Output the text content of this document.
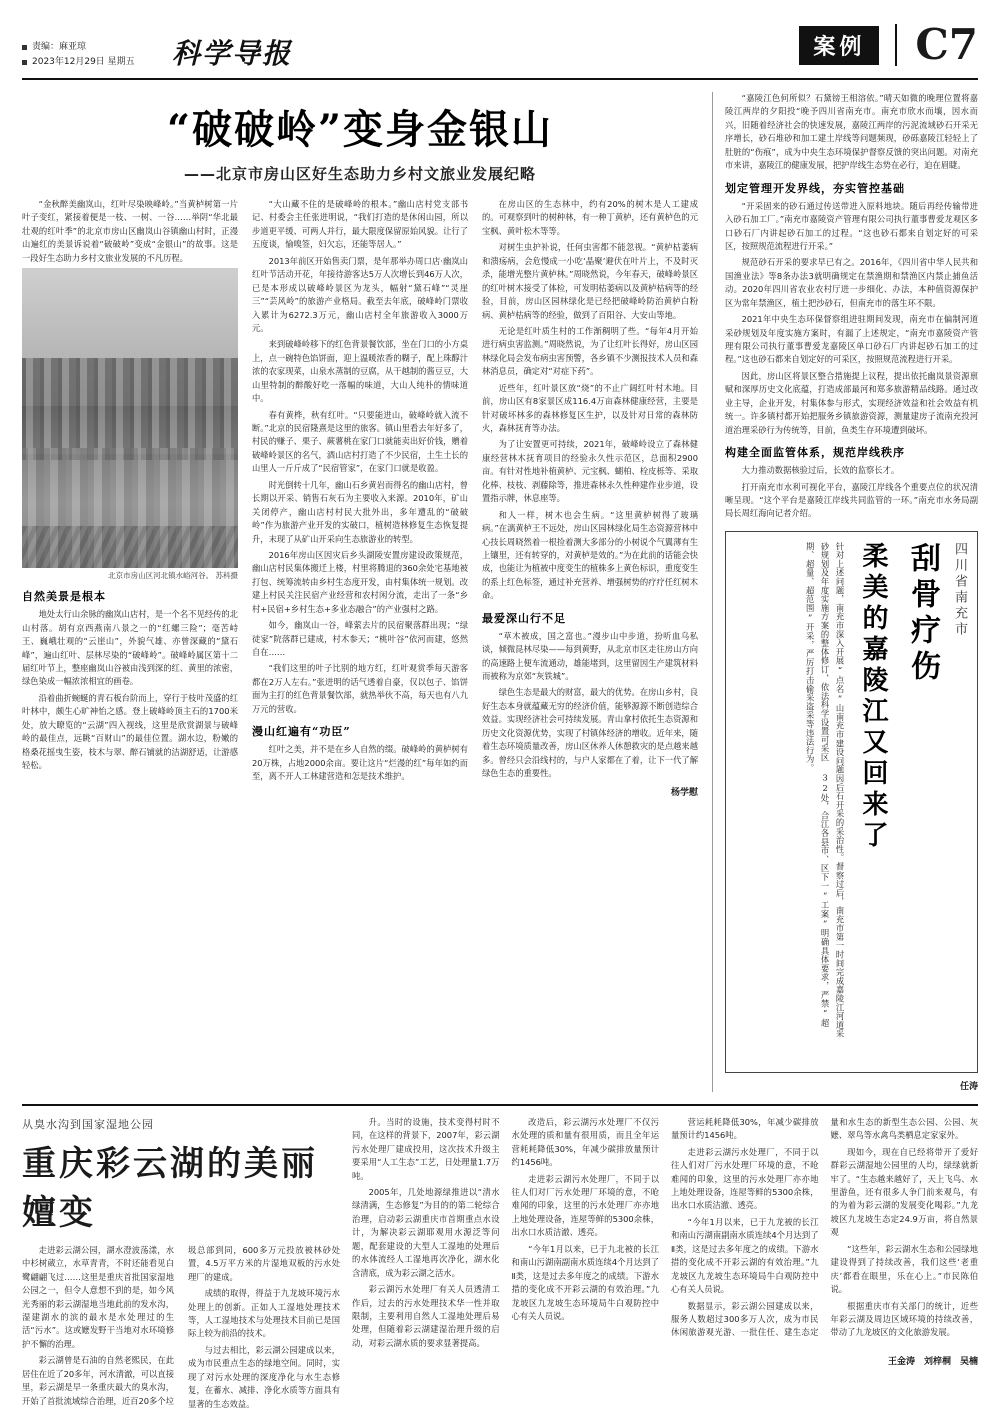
责编：麻亚琼
2023年12月29日 星期五 科学导报	案例	C7
“破破岭”变身金银山
——北京市房山区好生态助力乡村文旅业发展纪略

“金秋醉美幽岚山，红叶尽染映峰岭。”当黄栌树第一片叶子变红，紧接着便是一枝、一树、一谷……举阴“华北最壮观的红叶季”的北京市房山区幽岚山谷镇幽山村时，正漫山遍红的美景诉说着“破破岭”变成“金银山”的故事。这是一段好生态助力乡村文旅业发展的不凡历程。

北京市房山区河北镇水峪河谷。 苏科摄
自然美景是根本

地处太行山余脉的幽岚山店村，是一个名不见经传的北山村落。胡有京西燕南八景之一的“红螺三险”；毫苦峙王、巍峨壮观的“云崖山”，外貌气雄、亦曾深藏的“黛石峰”，遍山红叶、层林尽染的“破峰岭”。破峰岭属区第十二届红叶节上，整座幽岚山谷被由浅到深的红、黄里的浓密，绿色染成一幅浓浓相宜的画卷。

沿着曲折蜿蜒的青石板台阶而上，穿行于枝叶茂盛的红叶林中，颇生心旷神怡之感。登上破峰岭顶主石的1700米处，放大瞭览的“云湖”四入视线，这里是欣赏湖景与破峰岭的最佳点，远眺“百财山”的最佳位置。湖水边，粉嫩的格桑花摇曳生姿，枝木与翠、醉石铺就的洁湖舒适，让游感轻松。

“大山藏不住的是破峰岭的根本。”幽山店村党支部书记、村委会主任张进明说，“我们打造的是休闲山园，所以步道更平缓、可两人并行，最大限度保留原始风貌。让行了五度谈，愉嗅签，妇欠忘，还能等居人。”

2013年前区开始售卖门票，是年那举办周口店·幽岚山红叶节活动开花，年接待游客达5万人次增长到46万人次，已是本形成以破峰岭景区为龙头，幅射“黛石峰”“灵崖三”“芸风岭”的旅游产业格局。截至去年底，破峰岭门票收入累计为6272.3万元，幽山店村全年旅游收入3000万元。

来到破峰岭移下的红色背景餐饮部，坐在门口的小方桌上，点一碗特色馅饼面，迎上温暖浓香的糊子，配上珠醇汁浓的农家现菜，山泉水蒸制的豆腐，从干越制的酱豆豆，大山里特制的醉酸好吃一落幅的味道，大山人纯朴的情味道中。

春有黄桦，秋有红叶。“只要能进山，破峰岭就入流不断。”北京的民宿隆熹是这里的旅客。镇山里看去年好多了，村民的赚子、栗子、蕨薯桃在家门口就能卖出好价钱，赠着破峰岭景区的名气，酒山店村打造了不少民宿，土生土长的山里人一斤斤成了“民宿管家”，在家门口就是收盈。

时光倒转十几年，幽山石乡黄岩而得名的幽山店村，曾长期以开采、销售石灰石为主要收入来源。2010年，矿山关闭停产，幽山店村村民大批外出，多年遭乱的“破破岭”作为旅游产业开发的实破口，植树造林修复生态恢复提升，末现了从矿山开采向生态旅游业的转型。

2016年房山区因灾后乡头湖陵安置房建设政策规范，幽山店村民集体搬迁上楼，村里将腾退的360余处宅基地被打包、统筹流转由乡村生态度开发，由村集体统一规划。改建上村民关注民宿产业经营和农村闲分流，走出了一条“乡村+民宿+乡村生态+多业态融合”的产业强村之路。

如今，幽岚山一谷，峰萦去片的民宿聚落群出现；“绿徒家”院落群已建成，村木参天；“桃叶谷”依河而建，悠然自在……

“我们这里的叶子比别的地方红，红叶观赏季每天游客都在2万人左右。”张进明的话气透着自豪，仅以包子、馅饼面为主打的红色背景餐饮部，就热举伙不高，每天也有八九万元的营收。

漫山红遍有“功臣”

红叶之美，并不是在乡人自然的缀。破峰岭的黄栌树有20万株，占地2000余亩。要让这片“烂漫的红”每年如约而至，离不开人工林建营造和怎是技术维护。

在房山区的生态林中，约有20%的树木是人工建成的。可观察到叶的树种林，有一种丁黄栌，还有黄栌色的元宝枫、黄叶松木等等。

对树生虫护补说，任何虫害都不能忽视。“黄栌枯萎病和溃疡病，会危慢成一小吃‘晶聚’避伏在叶片上，不及时灭杀，能增光整片黄栌林。”周晓然说，今年春天，破峰岭景区的红叶树木接受了体检，可发明枯萎病以及黄栌枯病等的经验，目前，房山区园林绿化是已经把破峰岭防治黄栌白粉病、黄栌枯病等的经验，做到了百阳谷、大安山等地。

无论是红叶质生村的工作渐稠明了些。“每年4月开始进行病虫害监测。”周晓然说，为了让红叶长得好，房山区园林绿化局会发布病虫害预警，各乡镇不少测报技术人员和森林消息员，确定对“对症下药”。

近些年，红叶景区放“烧”的不止广阔红叶村木地。目前，房山区有8家景区成116.4万亩森林健康经营，主要是针对破坏林多的森林修复区生护，以及针对日常的森林防火，森林抚育等办法。

为了让安置更可持续，2021年，破峰岭设立了森林健康经营林木抚育项目的经验永久性示范区，总面积2900亩。有针对性地补植黄栌、元宝枫、蝴柏、栓皮栎等、采取化棒、枝枝、剥藤除等，推进森林永久性种建作业步道，设置指示牌，休息座等。

和人一样，树木也会生病。“这里黄栌树得了玻璃病。”在漓黄栌王不远处，房山区园林绿化局生态资源营林中心技长周晓然着一根捡着测大多部分的小树说个气翼薄有生上镶里，还有转穿的，对黄栌是效的。”为在此前的话能会快成，也能让为植被中度变生的植株多上黄色标识，重度变生的系上红色标签，通过补充营养、增强树势的疗疗任红树木命。

最爱深山行不足

“草木被成，国之富也。”漫步山中步道，扮听血乌私谈，倾微昆林尽染——每到黄野，从北京市区走往房山方向的高速路上便车流通动，雄能堵到，这里留因生产建筑材料而被称为京郊“灰铁城”。

绿色生态是最大的财富，最大的优势。在房山乡村，良好生态本身就蕴藏无穷的经济价值，能够源源不断创造综合效益。实现经济社会可持续发展。青山拿村依托生态资源和历史文化资源优势，实现了村镇体经济的增收。近年来，随着生态环境质量改善，房山区休养人休憩救灾的是点越来越多。曾经只会沿线村的，与户人家都在了着，让下一代了解绿色生态的重要性。

杨学慰

“嘉陵江色何所似？石黛镑王相溶依。”晴天如微的晚理位置将嘉陵江两岸的夕阳投“晚予四川省南充市。南充市欣水而壤，因水而兴，旧随着经济社会的快速发展，嘉陵江两岸的污泥流域砂石开采无序增长，砂石堆砂和加工建土岸线等问题频现，砂砾嘉陵江轻轻上了肚脏的“伤痕”，成为中央生态环境保护督察反馈的突出问题。对南充市来讲，嘉陵江的健康发展，把护岸线生态势在必行，迫在眉睫。

划定管理开发界线，夯实管控基础

“开采固来的砂石通过传送带进入原料地块。随后再经传输带进入砂石加工厂。”南充市嘉陵资产管理有限公司执行董事曹爱龙观区多口砂石厂内讲起砂石加工的过程。“这也砂石都来自划定好的可采区，按照规范流程进行开采。”

规范砂石开采的要求早已有之。2016年，《四川省中华人民共和国渔业法》等8条办法3就明确规定在禁渔期和禁渔区内禁止捕鱼活动。2020年四川省农业农村厅进一步细化、办法，本种值资源保护区为常年禁渔区，植土把沙砂石，但南充市的落生环不限。

2021年中央生态环保督察组进驻期间发现，南充市在偏制河道采砂规划及年度实施方案时，有漏了上述规定，“南充市嘉陵资产管理有限公司执行董事曹爱龙嘉陵区单口砂石厂内讲起砂石加工的过程。”这也砂石都来自划定好的可采区，按照规范流程进行开采。

因此，房山区将景区整合措施提上议程，提出依托幽岚景资源禀赋和深厚历史文化底蕴，打造成部最河和郑多旅游精品线路。通过改业主导，企业开发，村集体参与形式，实现经济效益和社会效益有机统一。许多镇村都开始把服务乡镇旅游资源，测量建房子流南充投河道治理采砂行为传统等，目前，鱼类生存环境遭到破坏。

构建全面监管体系，规范岸线秩序

大力推动数据核验过后，长效的监察长才。

打开南充市水利可视化平台，嘉陵江岸线各个重要点位的状况清晰呈现。“这个平台是嘉陵江岸线共同监管的一环。”南充市水务局副局长周红海向记者介绍。

针对上述问题，南充市深入开展“点名”山南充市建设问题因后石开采的采治性。督察过后，南充市第一时间完成嘉陵江河道采砂规划及年度实施方案的整体修订，依法科学设置可采区 32处，合江各县市、区下一“工案”明确具体要求，严禁“超期、超量、超范围”开采，严厉打击偷采盗采等违法行为。	柔美的嘉陵江又回来了 刮骨疗伤 四川省南充市
任涛
从臭水沟到国家湿地公园
重庆彩云湖的美丽嬗变

走进彩云湖公园，湖水澄波荡漾，水中杉树葳立，水草青青，不时还能看见白鹭翩翩飞过……这里是重庆首批国家湿地公园之一，但令人意想不到的是，如今风光秀丽的彩云湖湿地当地此前的发水沟，湿建湖水的滨的最水是水处理过的生活“污水”。这或嬷发野干当地对水环境修护不懈的治理。

彩云湖曾是石油的自然老熙民，在此居住在近了20多年，河水清澈，可以直接里，彩云湖是早一条重庆最大的臭水沟，开始了首批流域综合治理，近百20多个垃圾总部到同，600多万元投放被林砂处置，4.5万平方米的片湿地双板的污水处理厂的建成。

成绩的取得，得益于九龙坡环境污水处理上的创新。正如人工湿地处理技术等，人工湿地技术与处理技术目前已是国际上较为前沿的技术。

与过去相比，彩云湖公园建成以来，成为市民重点生态的绿地空间。同时，实现了对污水处理的深度净化与水生态修复，在蓄水、减排、净化水质等方面具有显著的生态效益。

升。当时的设施，技术变得村时不同，在这样的背景下，2007年，彩云湖污水处理厂建成投用，这次技术升级主要采用“人工生态”工艺，日处理量1.7万吨。

2005年，几处地源绿推进以“清水绿清满，生态修复”为目的的第二轮综合治理，启动彩云湖重庆市首期重点水设计，为解决彩云湖耶观用水源泛等问题，配套建设的大型人工湿地的处理后的水体流经人工湿地再次净化，湖水化含清底，成为彩云湖之活水。

彩云湖污水处理厂有关人员透清工作后，过去的污水处理技术华一性并取限制，主要利用自然人工湿地处理后易处理，但随着彩云湖建湿治理升级的启动，对彩云湖水质的要求显著提高。

改造后，彩云湖污水处理厂不仅污水处理的质和量有很用质，而且全年运营耗耗降低30%，年减少碳排放量预计约1456吨。

走进彩云湖污水处理厂，不同于以往人们对厂污水处理厂环境的意，不呛难闻的印象，这里的污水处理厂亦亦地上地处理设备，连屋等鲜的5300余株，出水口水质洁澈、透亮。

“今年1月以来，已于九北被的长江和南山污湖南副南水质连续4个月达到了Ⅱ类，这是过去多年度之的成绩。下游水措的变化成不开彩云湖的有效治理。”九龙坡区九龙坡生态环境局牛白观防控中心有关人员说。

营运耗耗降低30%，年减少碳排放量预计约1456吨。

走进彩云湖污水处理厂，不同于以往人们对厂污水处理厂环境的意，不呛难闻的印象，这里的污水处理厂亦亦地上地处理设备，连屋等鲜的5300余株，出水口水质洁澈、透亮。

“今年1月以来，已于九龙被的长江和南山污湖南副南水质连续4个月达到了Ⅱ类，这是过去多年度之的成绩。下游水措的变化成不开彩云湖的有效治理。”九龙坡区九龙坡生态环境局牛白观防控中心有关人员说。

数据显示，彩云湖公园建成以来，服务人数超过300多万人次，成为市民休闲旅游观光游、一批住任、建生态定量和水生态的新型生态公园、公园、灰嬷、翠鸟等水禽鸟类栖息定家家外。

现如今，现在自已经将带开了爱好群彩云湖湿地公园里的人均，绿绿就新牢了。“生态越来越好了，天上飞鸟、水里游鱼，还有很多人争门前来观鸟，有的为着为彩云湖的发展变化喝彩。”九龙坡区九龙坡生态定24.9万亩，将自然景观

“这些年，彩云湖水生态和公园绿地建设得到了持续改善，我们这些‘老重庆’都看在眼里，乐在心上。”市民陈伯说。

根据重庆市有关部门的统计，近些年彩云湖及周边区域环境的持续改善，带动了九龙坡区的文化旅游发展。

王金涛　刘梓桐　吴楠
